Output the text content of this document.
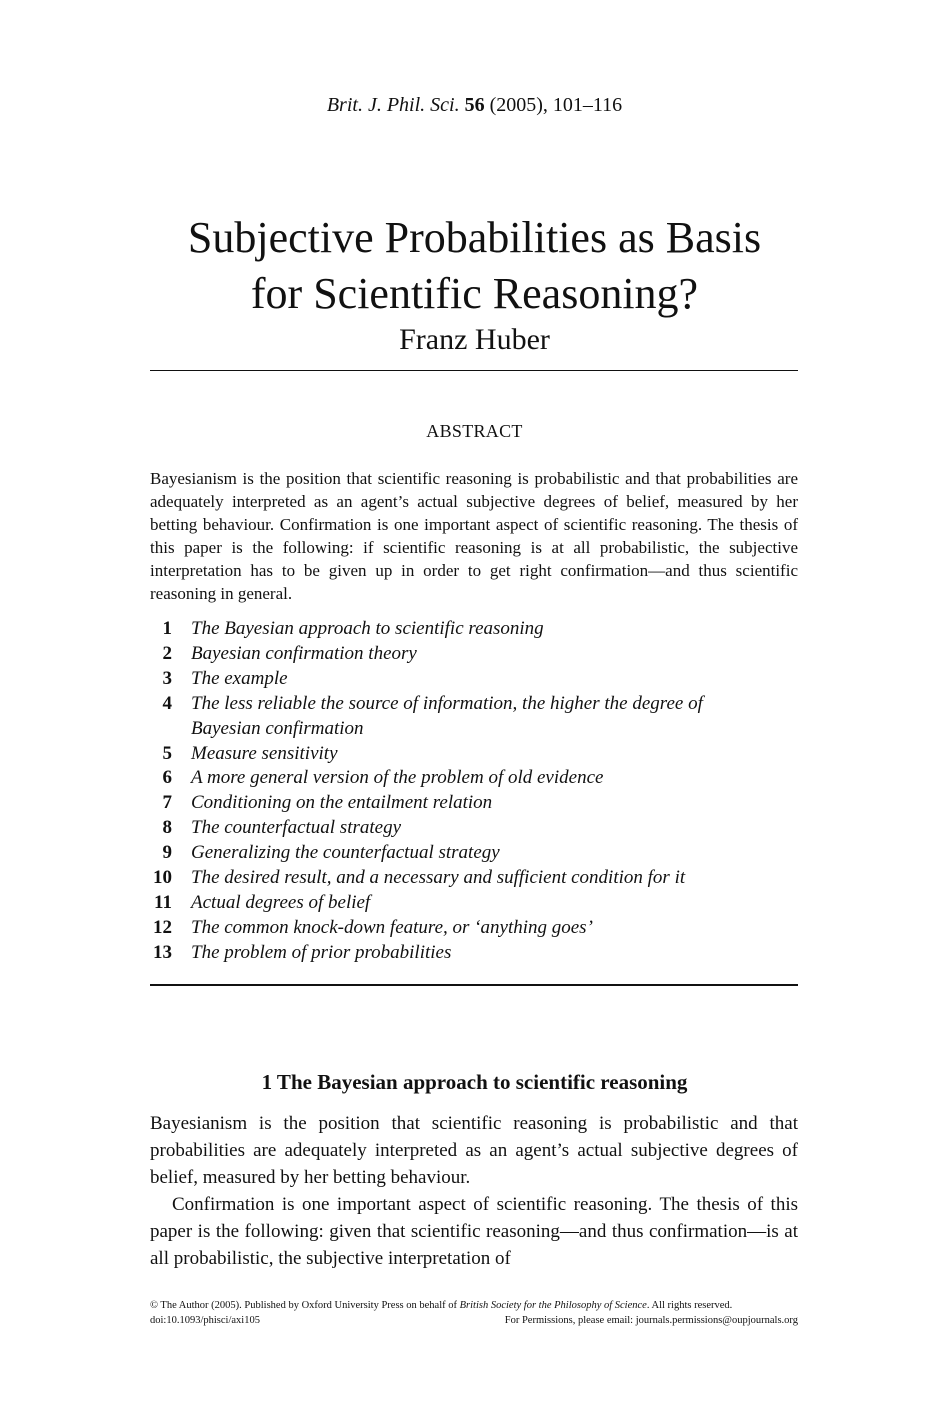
Brit. J. Phil. Sci. 56 (2005), 101–116
Subjective Probabilities as Basis
for Scientific Reasoning?
Franz Huber
ABSTRACT

Bayesianism is the position that scientific reasoning is probabilistic and that probabilities are adequately interpreted as an agent’s actual subjective degrees of belief, measured by her betting behaviour. Confirmation is one important aspect of scientific reasoning. The thesis of this paper is the following: if scientific reasoning is at all probabilistic, the subjective interpretation has to be given up in order to get right confirmation—and thus scientific reasoning in general.

1 The Bayesian approach to scientific reasoning
2 Bayesian confirmation theory
3 The example
4 The less reliable the source of information, the higher the degree of Bayesian confirmation
5 Measure sensitivity
6 A more general version of the problem of old evidence
7 Conditioning on the entailment relation
8 The counterfactual strategy
9 Generalizing the counterfactual strategy
10 The desired result, and a necessary and sufficient condition for it
11 Actual degrees of belief
12 The common knock-down feature, or ‘anything goes’
13 The problem of prior probabilities
1 The Bayesian approach to scientific reasoning

Bayesianism is the position that scientific reasoning is probabilistic and that probabilities are adequately interpreted as an agent’s actual subjective degrees of belief, measured by her betting behaviour.

Confirmation is one important aspect of scientific reasoning. The thesis of this paper is the following: given that scientific reasoning—and thus confirmation—is at all probabilistic, the subjective interpretation of

© The Author (2005). Published by Oxford University Press on behalf of British Society for the Philosophy of Science. All rights reserved.
doi:10.1093/phisci/axi105	For Permissions, please email: journals.permissions@oupjournals.org
